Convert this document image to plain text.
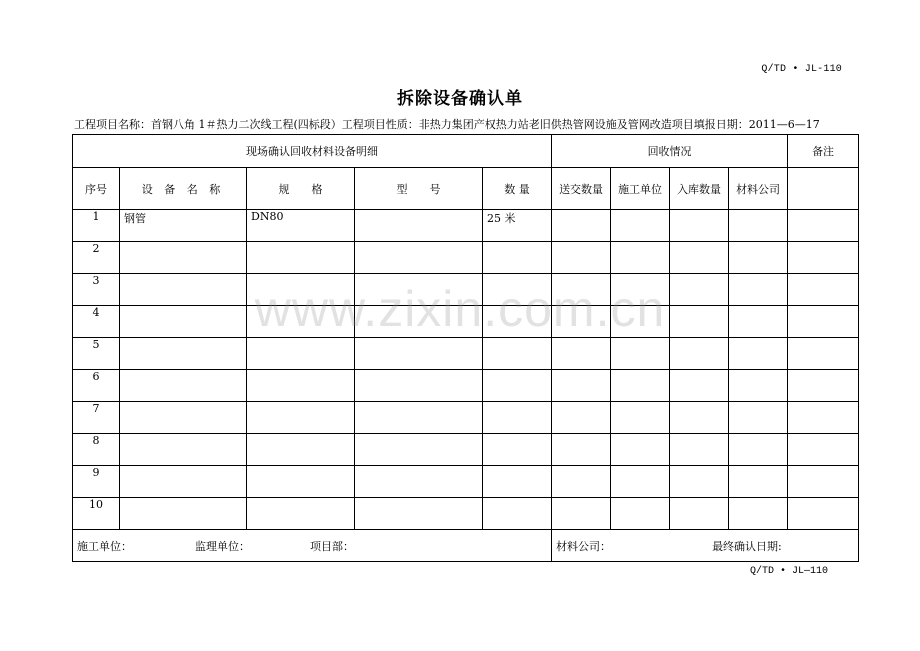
Q/TD • JL-110
拆除设备确认单
工程项目名称：首钢八角 1＃热力二次线工程(四标段）工程项目性质：非热力集团产权热力站老旧供热管网设施及管网改造项目填报日期：2011—6—17
现场确认回收材料设备明细					回收情况				备注
序号	设 备 名 称	规　　格	型　　号	数 量	送交数量	施工单位	入库数量	材料公司	
1	钢管	DN80		25 米					
2									
3									
4									
5									
6									
7									
8									
9									
10									

施工单位： 监理单位： 项目部：					材料公司： 最终确认日期:				
Q/TD • JL—110
www.zixin.com.cn
